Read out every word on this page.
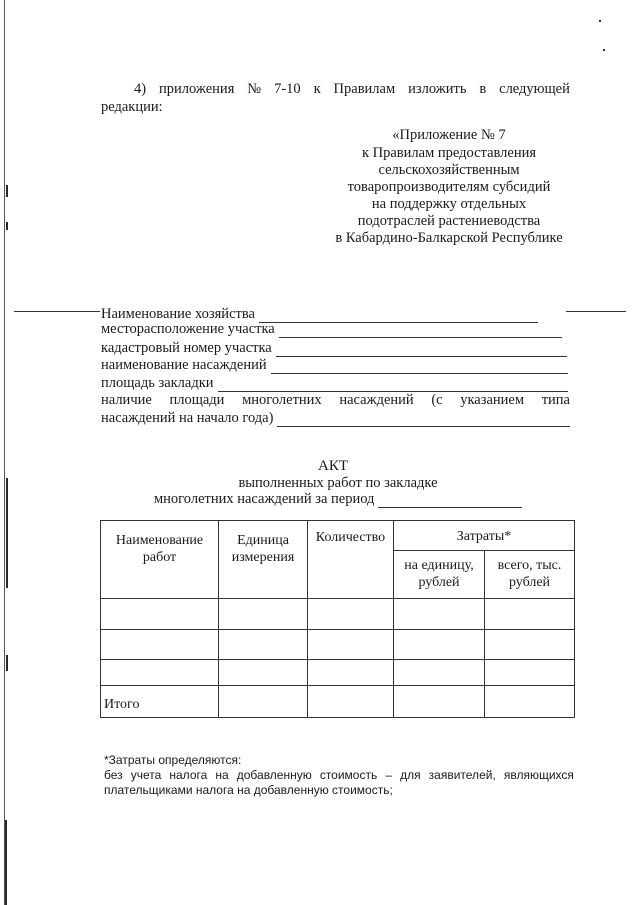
4) приложения № 7-10 к Правилам изложить в следующей
редакции:
«Приложение № 7
к Правилам предоставления
сельскохозяйственным
товаропроизводителям субсидий
на поддержку отдельных
подотраслей растениеводства
в Кабардино-Балкарской Республике
Наименование хозяйства
месторасположение участка
кадастровый номер участка
наименование насаждений
площадь закладки
наличие площади многолетних насаждений (с указанием типа
насаждений на начало года)
АКТ
выполненных работ по закладке
многолетних насаждений за период
Наименование работ	Единица измерения	Количество	Затраты*	
			на единицу, рублей	всего, тыс. рублей

Итого				
*Затраты определяются:
без учета налога на добавленную стоимость – для заявителей, являющихся
плательщиками налога на добавленную стоимость;
